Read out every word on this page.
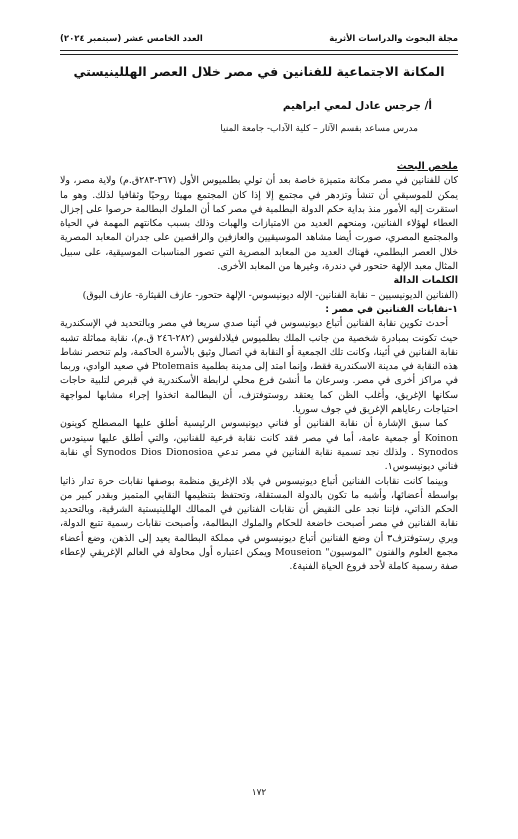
مجلة البحوث والدراسات الأثرية
العدد الخامس عشر (سبتمبر ٢٠٢٤)
المكانة الاجتماعية للفنانين في مصر خلال العصر الهللينيستي
أ/ جرجس عادل لمعي ابراهيم
مدرس مساعد بقسم الآثار – كلية الآداب- جامعة المنيا

ملخص البحث

كان للفنانين في مصر مكانة متميزة خاصة بعد أن تولي بطلميوس الأول (٣٦٧-٢٨٣ق.م) ولاية مصر، ولا يمكن للموسيقي أن تنشأ وتزدهر في مجتمع إلا إذا كان المجتمع مهيئا روحيًا وثقافيا لذلك. وهو ما استقرت إليه الأمور منذ بداية حكم الدولة البطلمية في مصر كما أن الملوك البطالمة حرصوا على إجزال العطاء لهؤلاء الفنانين، ومنحهم العديد من الامتيازات والهبات وذلك بسبب مكانتهم المهمة في الحياة والمجتمع المصري، صورت أيضا مشاهد الموسيقيين والعازفين والراقصين على جدران المعابد المصرية خلال العصر البطلمي، فهناك العديد من المعابد المصرية التي تصور المناسبات الموسيقية، على سبيل المثال معبد الإلهة حتحور في دندرة، وغيرها من المعابد الأخرى.

الكلمات الدالة

(الفنانين الديونيسيين – نقابة الفنانين- الإله ديونيسوس- الإلهة حتحور- عازف القيثارة- عازف البوق)

١-نقابات الفنانين في مصر :

أحدث تكوين نقابة الفنانين أتباع ديونيسوس في أثينا صدي سريعا في مصر وبالتحديد في الإسكندرية حيث تكونت بمبادرة شخصية من جانب الملك بطلميوس فيلادلفوس (٢٨٢-٢٤٦ ق.م)، نقابة مماثلة تشبه نقابة الفنانين في أثينا، وكانت تلك الجمعية أو النقابة في اتصال وثيق بالأسرة الحاكمة، ولم تنحصر نشاط هذه النقابة في مدينة الاسكندرية فقط، وإنما امتد إلى مدينة بطلمية Ptolemais في صعيد الوادي، وربما في مراكز أخرى في مصر. وسرعان ما أنشئ فرع محلي لرابطة الأسكندرية في قبرص لتلبية حاجات سكانها الإغريق، وأغلب الظن كما يعتقد روستوفتزف، أن البطالمة اتخذوا إجراء مشابها لمواجهة احتياجات رعاياهم الإغريق في جوف سوريا.

كما سبق الإشارة أن نقابة الفنانين أو فناني ديونيسوس الرئيسية أطلق عليها المصطلح كوينون Koinon أو جمعية عامة، أما في مصر فقد كانت نقابة فرعية للفنانين، والتي أطلق عليها سينودس Synodos . ولذلك نجد تسمية نقابة الفنانين في مصر تدعي Synodos Dios Dionosioa أي نقابة فناني ديونيسوس١.

وبينما كانت نقابات الفنانين أتباع ديونيسوس في بلاد الإغريق منظمة بوصفها نقابات حرة تدار ذاتيا بواسطة أعضائها، وأشبه ما تكون بالدولة المستقلة، وتحتفظ بتنظيمها النقابي المتميز وبقدر كبير من الحكم الذاتي، فإننا نجد على النقيض أن نقابات الفنانين في الممالك الهللينيستية الشرقية، وبالتحديد نقابة الفنانين في مصر أصبحت خاضعة للحكام والملوك البطالمة، وأصبحت نقابات رسمية تتبع الدولة، ويري رستوفتزف٣ أن وضع الفنانين أتباع ديونيسوس في مملكة البطالمة يعيد إلى الذهن، وضع أعضاء مجمع العلوم والفنون "الموسيون" Mouseion ويمكن اعتباره أول محاولة في العالم الإغريقي لإعطاء صفة رسمية كاملة لأحد فروع الحياة الفنية٤.

١٧٢
